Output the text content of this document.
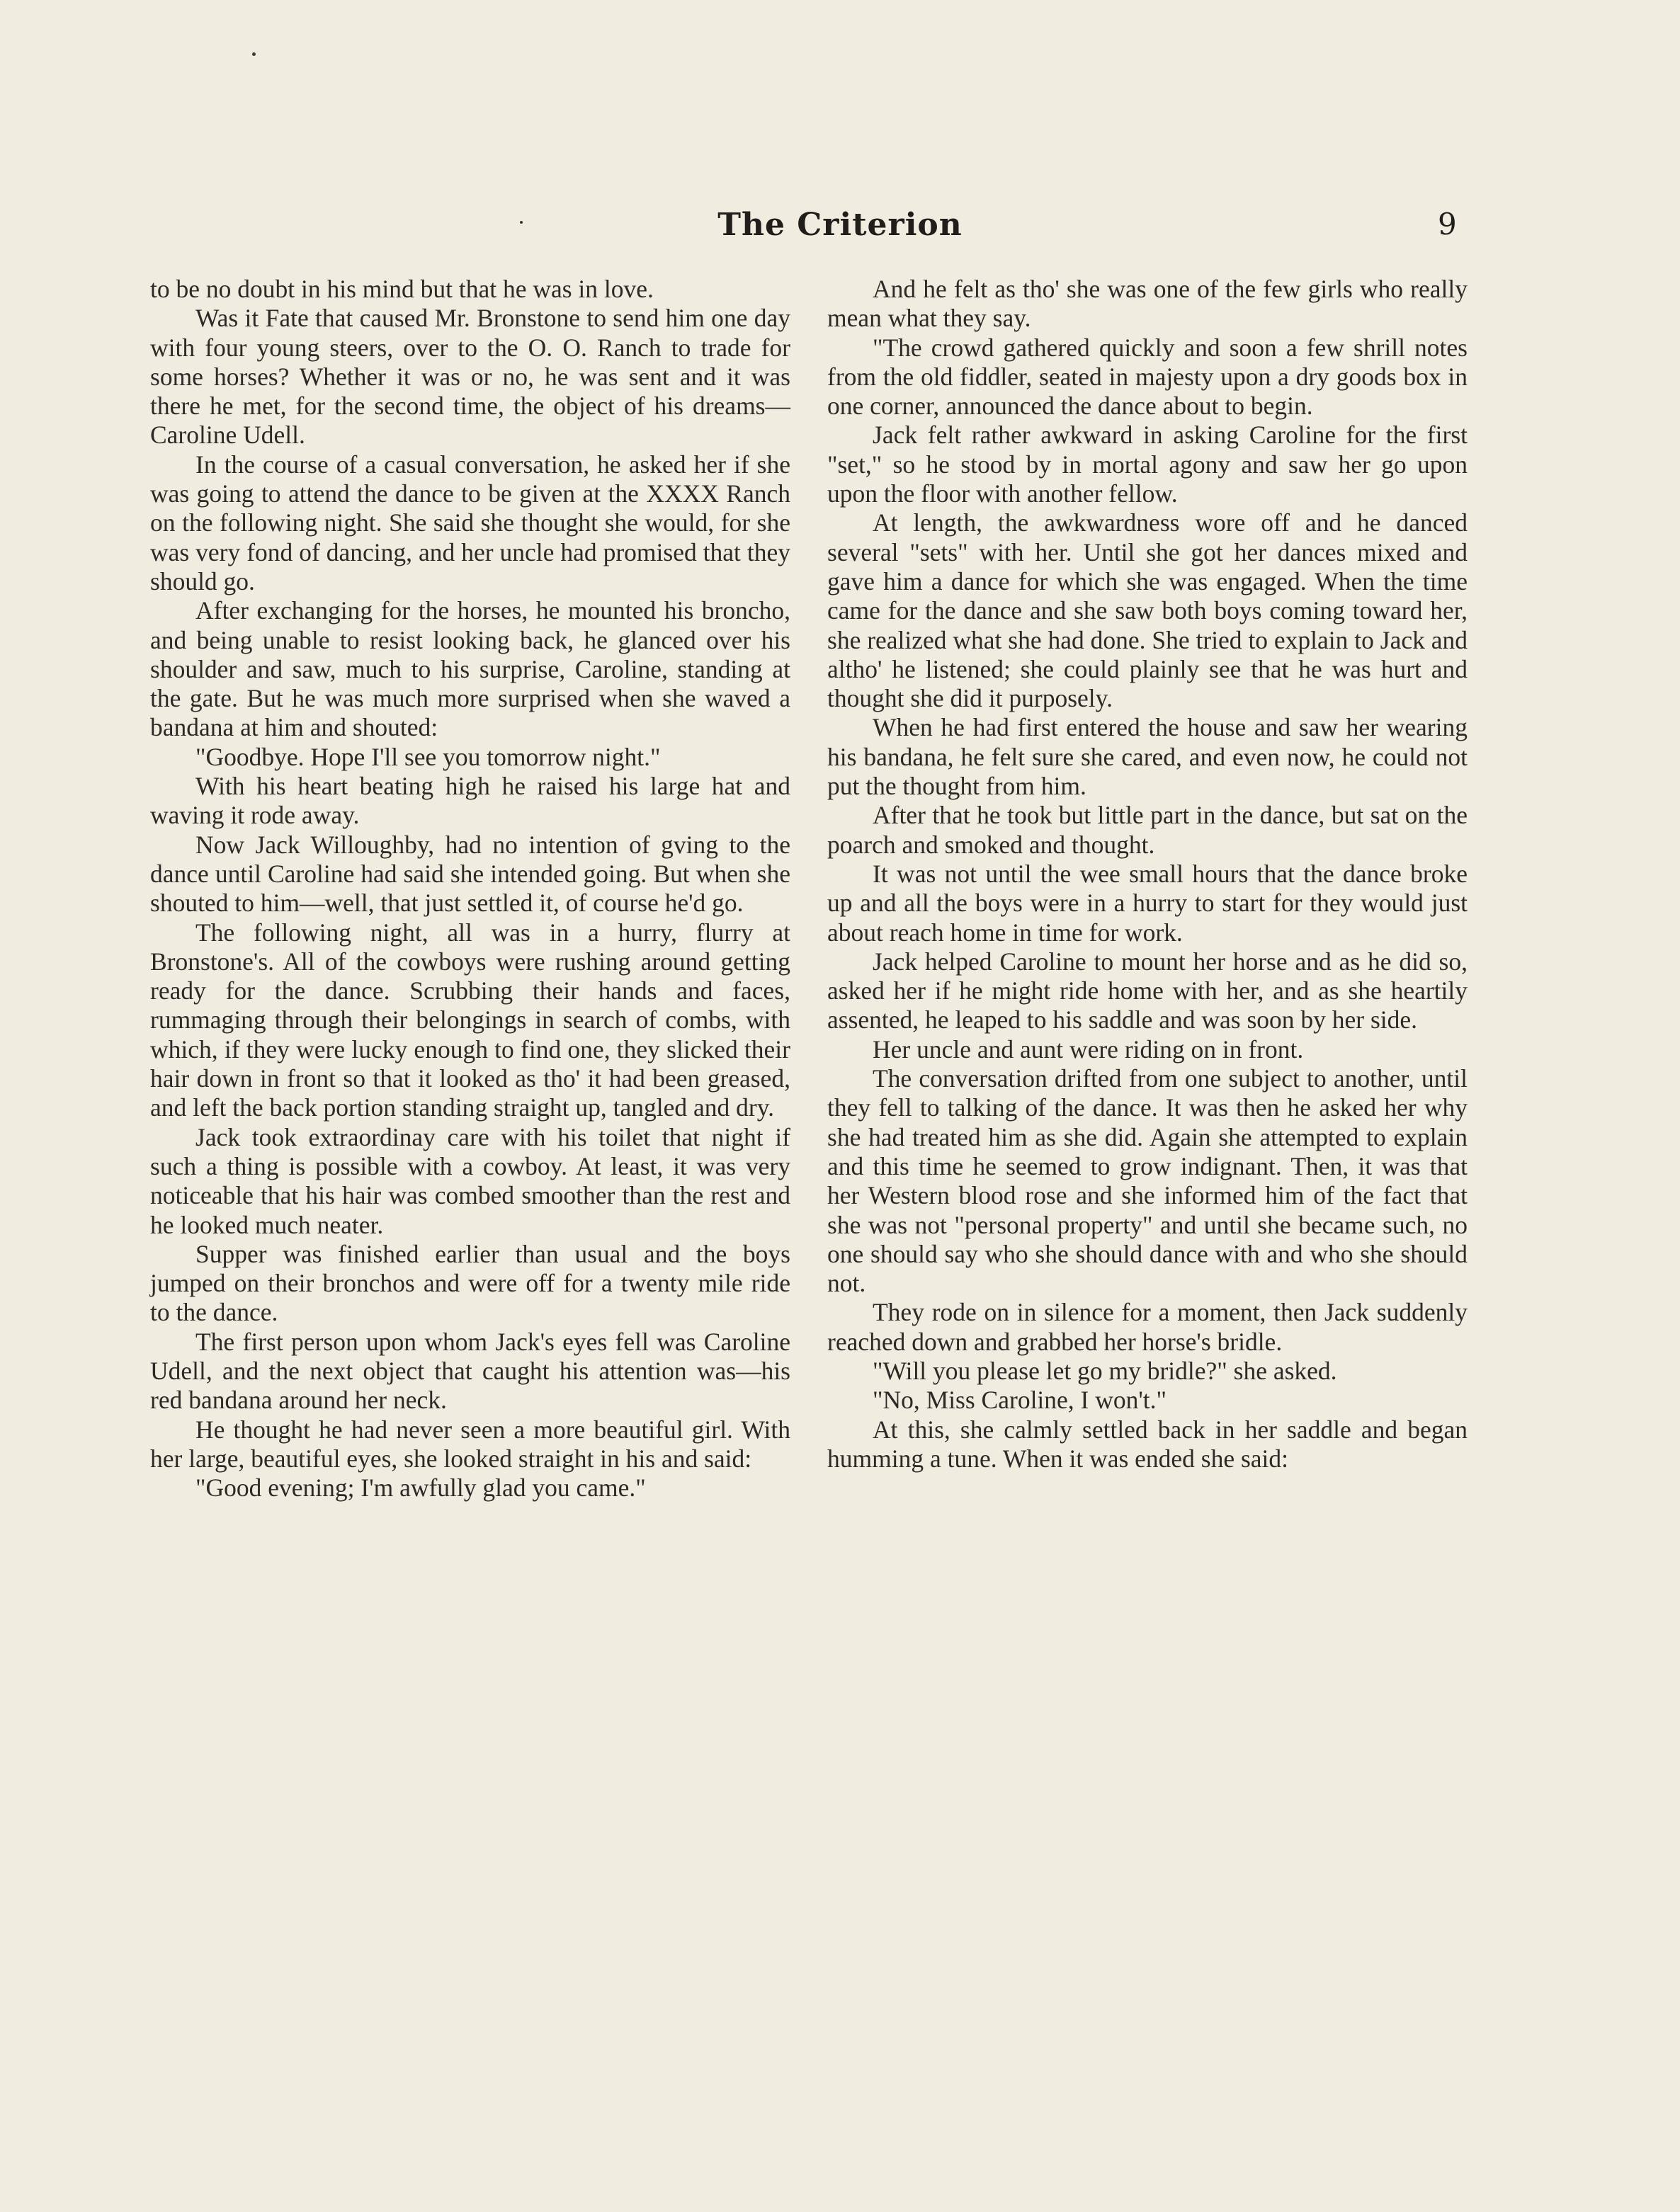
The Criterion	9

to be no doubt in his mind but that he was in love.

Was it Fate that caused Mr. Bronstone to send him one day with four young steers, over to the O. O. Ranch to trade for some horses? Whether it was or no, he was sent and it was there he met, for the second time, the object of his dreams—Caroline Udell.

In the course of a casual conversation, he asked her if she was going to attend the dance to be given at the XXXX Ranch on the following night. She said she thought she would, for she was very fond of dancing, and her uncle had promised that they should go.

After exchanging for the horses, he mounted his broncho, and being unable to resist looking back, he glanced over his shoulder and saw, much to his surprise, Caroline, standing at the gate. But he was much more surprised when she waved a bandana at him and shouted:

"Goodbye. Hope I'll see you tomorrow night."

With his heart beating high he raised his large hat and waving it rode away.

Now Jack Willoughby, had no intention of gving to the dance until Caroline had said she intended going. But when she shouted to him—well, that just settled it, of course he'd go.

The following night, all was in a hurry, flurry at Bronstone's. All of the cowboys were rushing around getting ready for the dance. Scrubbing their hands and faces, rummaging through their belongings in search of combs, with which, if they were lucky enough to find one, they slicked their hair down in front so that it looked as tho' it had been greased, and left the back portion standing straight up, tangled and dry.

Jack took extraordinay care with his toilet that night if such a thing is possible with a cowboy. At least, it was very noticeable that his hair was combed smoother than the rest and he looked much neater.

Supper was finished earlier than usual and the boys jumped on their bronchos and were off for a twenty mile ride to the dance.

The first person upon whom Jack's eyes fell was Caroline Udell, and the next object that caught his attention was—his red bandana around her neck.

He thought he had never seen a more beautiful girl. With her large, beautiful eyes, she looked straight in his and said:

"Good evening; I'm awfully glad you came."

And he felt as tho' she was one of the few girls who really mean what they say.

"The crowd gathered quickly and soon a few shrill notes from the old fiddler, seated in majesty upon a dry goods box in one corner, announced the dance about to begin.

Jack felt rather awkward in asking Caroline for the first "set," so he stood by in mortal agony and saw her go upon upon the floor with another fellow.

At length, the awkwardness wore off and he danced several "sets" with her. Until she got her dances mixed and gave him a dance for which she was engaged. When the time came for the dance and she saw both boys coming toward her, she realized what she had done. She tried to explain to Jack and altho' he listened; she could plainly see that he was hurt and thought she did it purposely.

When he had first entered the house and saw her wearing his bandana, he felt sure she cared, and even now, he could not put the thought from him.

After that he took but little part in the dance, but sat on the poarch and smoked and thought.

It was not until the wee small hours that the dance broke up and all the boys were in a hurry to start for they would just about reach home in time for work.

Jack helped Caroline to mount her horse and as he did so, asked her if he might ride home with her, and as she heartily assented, he leaped to his saddle and was soon by her side.

Her uncle and aunt were riding on in front.

The conversation drifted from one subject to another, until they fell to talking of the dance. It was then he asked her why she had treated him as she did. Again she attempted to explain and this time he seemed to grow indignant. Then, it was that her Western blood rose and she informed him of the fact that she was not "personal property" and until she became such, no one should say who she should dance with and who she should not.

They rode on in silence for a moment, then Jack suddenly reached down and grabbed her horse's bridle.

"Will you please let go my bridle?" she asked.

"No, Miss Caroline, I won't."

At this, she calmly settled back in her saddle and began humming a tune. When it was ended she said:
